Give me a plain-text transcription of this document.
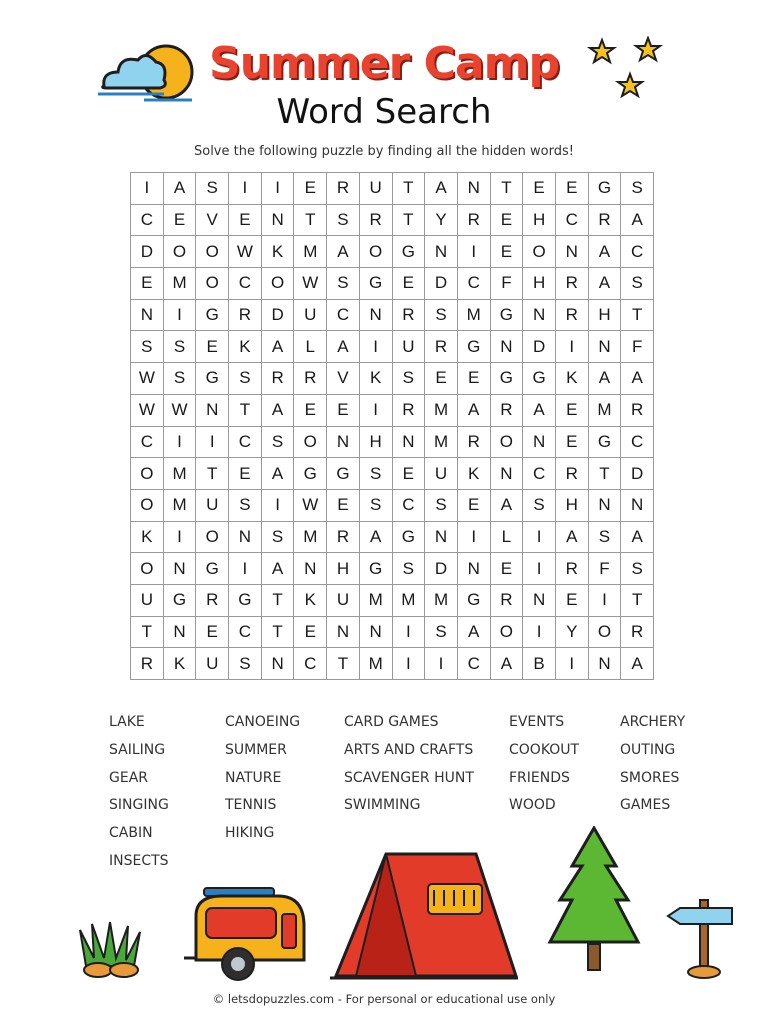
Summer Camp
Word Search
Solve the following puzzle by finding all the hidden words!
I	A	S	I	I	E	R	U	T	A	N	T	E	E	G	S
C	E	V	E	N	T	S	R	T	Y	R	E	H	C	R	A
D	O	O	W	K	M	A	O	G	N	I	E	O	N	A	C
E	M	O	C	O	W	S	G	E	D	C	F	H	R	A	S
N	I	G	R	D	U	C	N	R	S	M	G	N	R	H	T
S	S	E	K	A	L	A	I	U	R	G	N	D	I	N	F
W	S	G	S	R	R	V	K	S	E	E	G	G	K	A	A
W	W	N	T	A	E	E	I	R	M	A	R	A	E	M	R
C	I	I	C	S	O	N	H	N	M	R	O	N	E	G	C
O	M	T	E	A	G	G	S	E	U	K	N	C	R	T	D
O	M	U	S	I	W	E	S	C	S	E	A	S	H	N	N
K	I	O	N	S	M	R	A	G	N	I	L	I	A	S	A
O	N	G	I	A	N	H	G	S	D	N	E	I	R	F	S
U	G	R	G	T	K	U	M	M	M	G	R	N	E	I	T
T	N	E	C	T	E	N	N	I	S	A	O	I	Y	O	R
R	K	U	S	N	C	T	M	I	I	C	A	B	I	N	A
LAKE
SAILING
GEAR
SINGING
CABIN
INSECTS
CANOEING
SUMMER
NATURE
TENNIS
HIKING
CARD GAMES
ARTS AND CRAFTS
SCAVENGER HUNT
SWIMMING
EVENTS
COOKOUT
FRIENDS
WOOD
ARCHERY
OUTING
SMORES
GAMES
© letsdopuzzles.com - For personal or educational use only
